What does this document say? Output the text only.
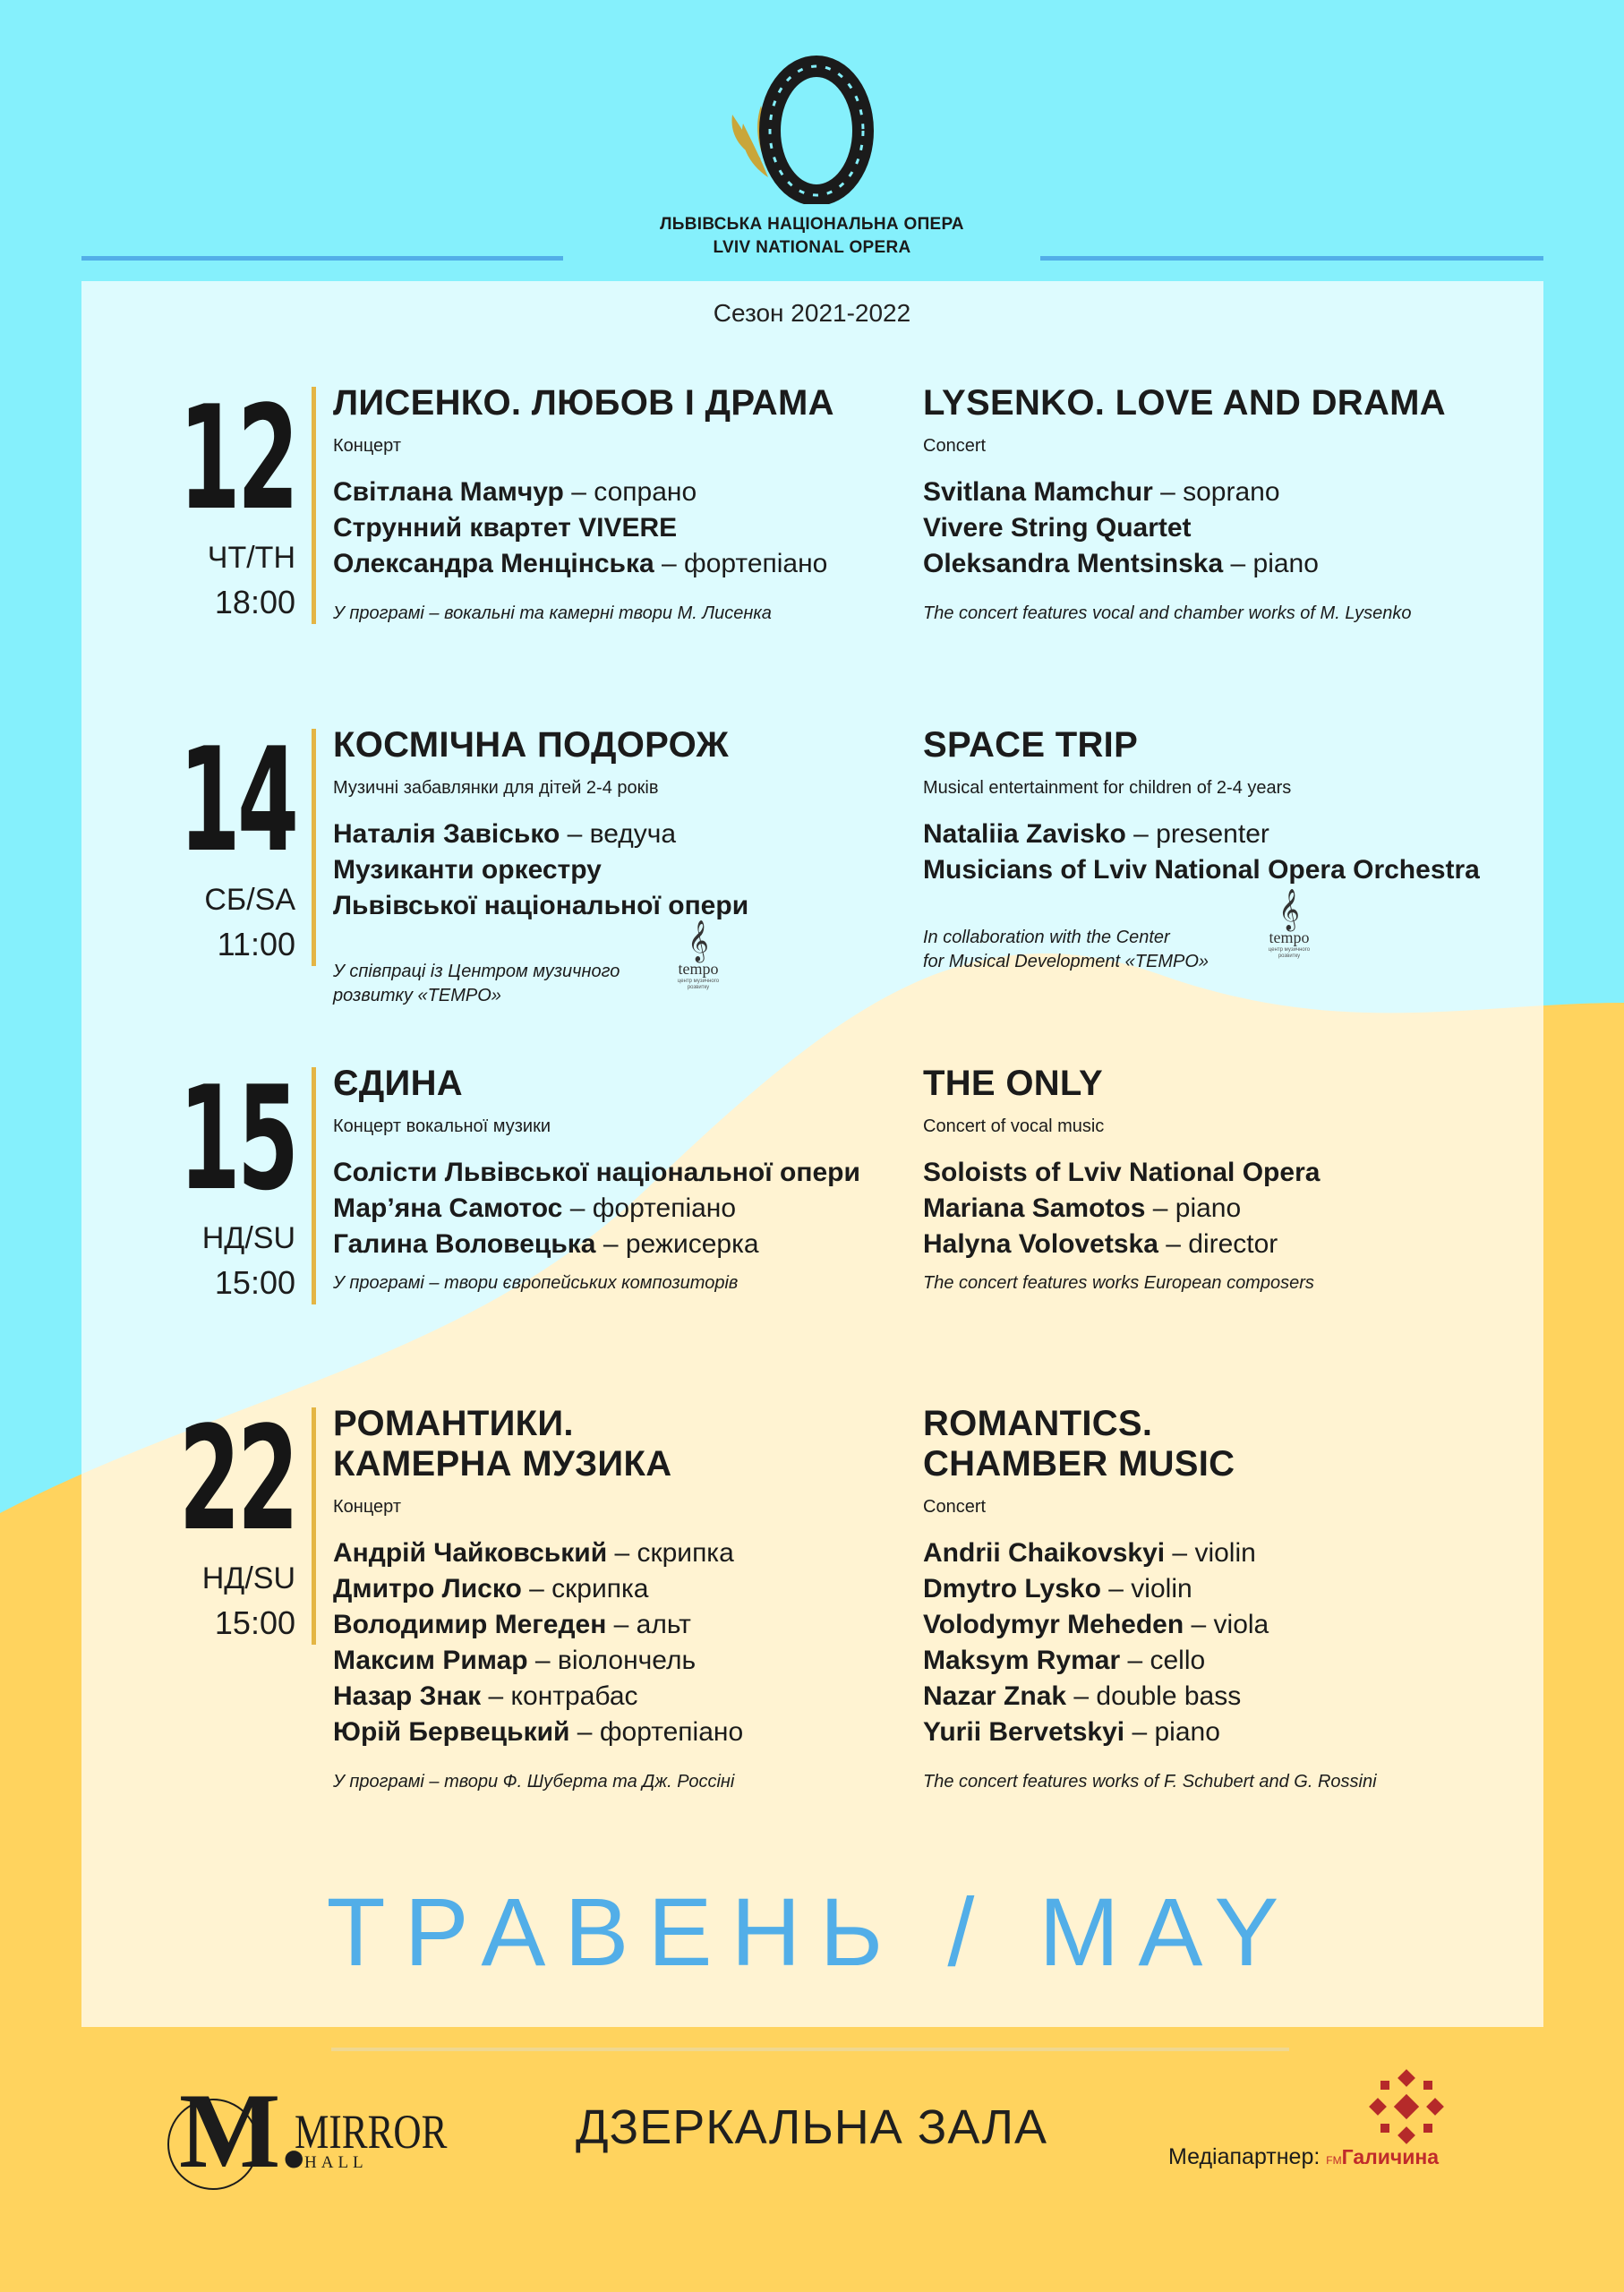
ЛЬВІВСЬКА НАЦІОНАЛЬНА ОПЕРА
LVIV NATIONAL OPERA
Сезон 2021-2022
12
ЧТ/TH
18:00

ЛИСЕНКО. ЛЮБОВ І ДРАМА

Концерт

Світлана Мамчур – сопрано

Струнний квартет VIVERE

Олександра Менцінська – фортепіано

У програмі – вокальні та камерні твори М. Лисенка

LYSENKO. LOVE AND DRAMA

Concert

Svitlana Mamchur – soprano

Vivere String Quartet

Oleksandra Mentsinska – piano

The concert features vocal and chamber works of M. Lysenko
14
СБ/SA
11:00

КОСМІЧНА ПОДОРОЖ

Музичні забавлянки для дітей 2-4 років

Наталія Завісько – ведуча

Музиканти оркестру

Львівської національної опери

У співпраці із Центром музичного
розвитку «TEMPO»
𝄞
tempo
центр музичного розвитку

SPACE TRIP

Musical entertainment for children of 2-4 years

Nataliia Zavisko – presenter

Musicians of Lviv National Opera Orchestra

In collaboration with the Center
for Musical Development «TEMPO»
𝄞
tempo
центр музичного розвитку
15
НД/SU
15:00

ЄДИНА

Концерт вокальної музики

Солісти Львівської національної опери

Мар’яна Самотос – фортепіано

Галина Воловецька – режисерка

У програмі – твори європейських композиторів

THE ONLY

Concert of vocal music

Soloists of Lviv National Opera

Mariana Samotos – piano

Halyna Volovetska – director

The concert features works European composers
22
НД/SU
15:00

РОМАНТИКИ.
КАМЕРНА МУЗИКА

Концерт

Андрій Чайковський – скрипка

Дмитро Лиско – скрипка

Володимир Мегеден – альт

Максим Римар – віолончель

Назар Знак – контрабас

Юрій Бервецький – фортепіано

У програмі – твори Ф. Шуберта та Дж. Россіні

ROMANTICS.
CHAMBER MUSIC

Concert

Andrii Chaikovskyi – violin

Dmytro Lysko – violin

Volodymyr Meheden – viola

Maksym Rymar – cello

Nazar Znak – double bass

Yurii Bervetskyi – piano

The concert features works of F. Schubert and G. Rossini
ТРАВЕНЬ / MAY
M.
MIRROR
HALL
ДЗЕРКАЛЬНА ЗАЛА
Медіапартнер: FMГаличина
